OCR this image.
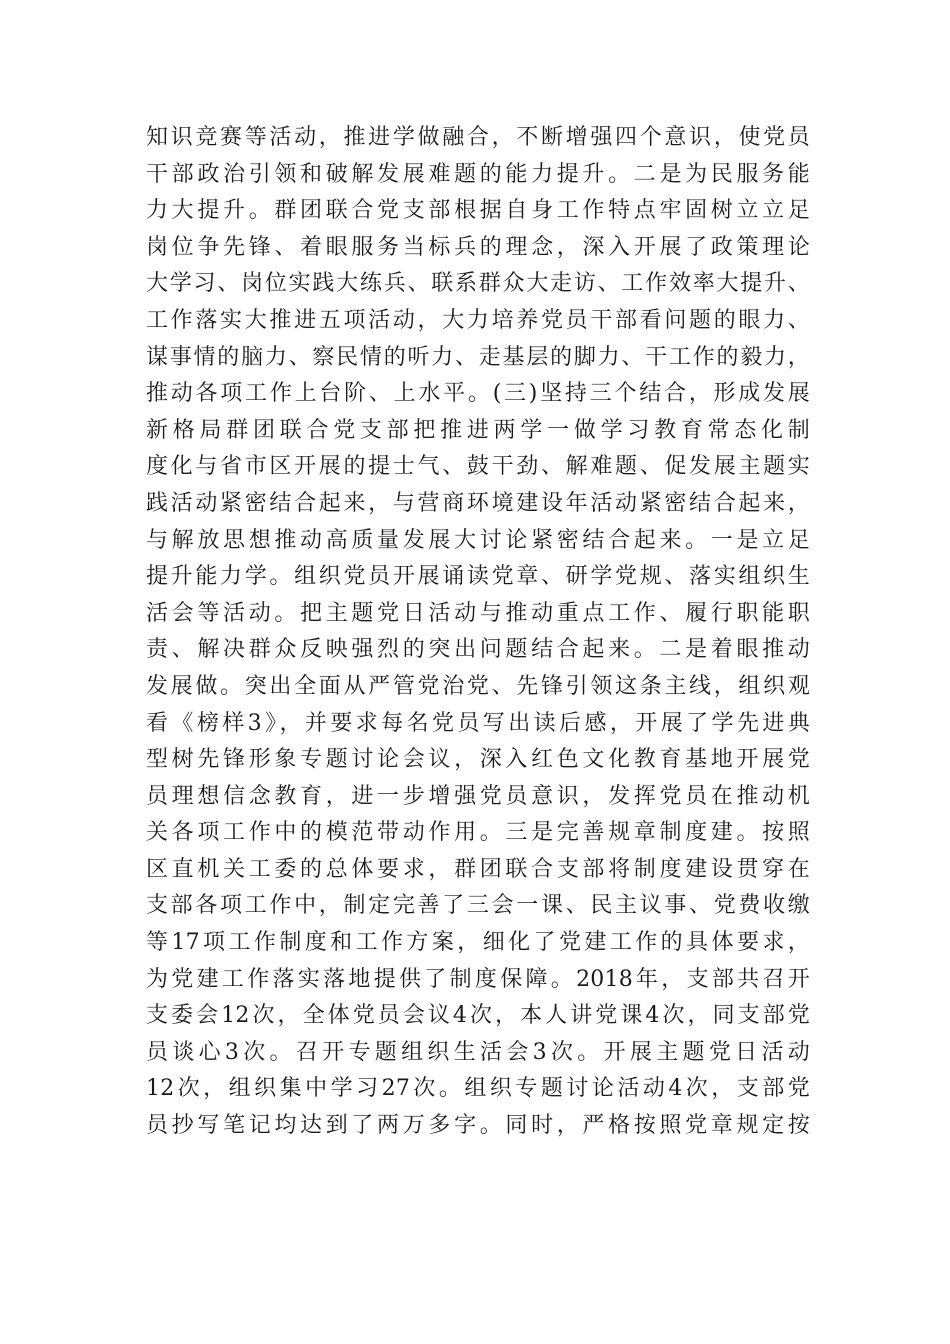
知识竞赛等活动，推进学做融合，不断增强四个意识，使党员
干部政治引领和破解发展难题的能力提升。二是为民服务能
力大提升。群团联合党支部根据自身工作特点牢固树立立足
岗位争先锋、着眼服务当标兵的理念，深入开展了政策理论
大学习、岗位实践大练兵、联系群众大走访、工作效率大提升、
工作落实大推进五项活动，大力培养党员干部看问题的眼力、
谋事情的脑力、察民情的听力、走基层的脚力、干工作的毅力，
推动各项工作上台阶、上水平。(三)坚持三个结合，形成发展
新格局群团联合党支部把推进两学一做学习教育常态化制
度化与省市区开展的提士气、鼓干劲、解难题、促发展主题实
践活动紧密结合起来，与营商环境建设年活动紧密结合起来，
与解放思想推动高质量发展大讨论紧密结合起来。一是立足
提升能力学。组织党员开展诵读党章、研学党规、落实组织生
活会等活动。把主题党日活动与推动重点工作、履行职能职
责、解决群众反映强烈的突出问题结合起来。二是着眼推动
发展做。突出全面从严管党治党、先锋引领这条主线，组织观
看《榜样3》，并要求每名党员写出读后感，开展了学先进典
型树先锋形象专题讨论会议，深入红色文化教育基地开展党
员理想信念教育，进一步增强党员意识，发挥党员在推动机
关各项工作中的模范带动作用。三是完善规章制度建。按照
区直机关工委的总体要求，群团联合支部将制度建设贯穿在
支部各项工作中，制定完善了三会一课、民主议事、党费收缴
等17项工作制度和工作方案，细化了党建工作的具体要求，
为党建工作落实落地提供了制度保障。2018年，支部共召开
支委会12次，全体党员会议4次，本人讲党课4次，同支部党
员谈心3次。召开专题组织生活会3次。开展主题党日活动
12次，组织集中学习27次。组织专题讨论活动4次，支部党
员抄写笔记均达到了两万多字。同时，严格按照党章规定按
